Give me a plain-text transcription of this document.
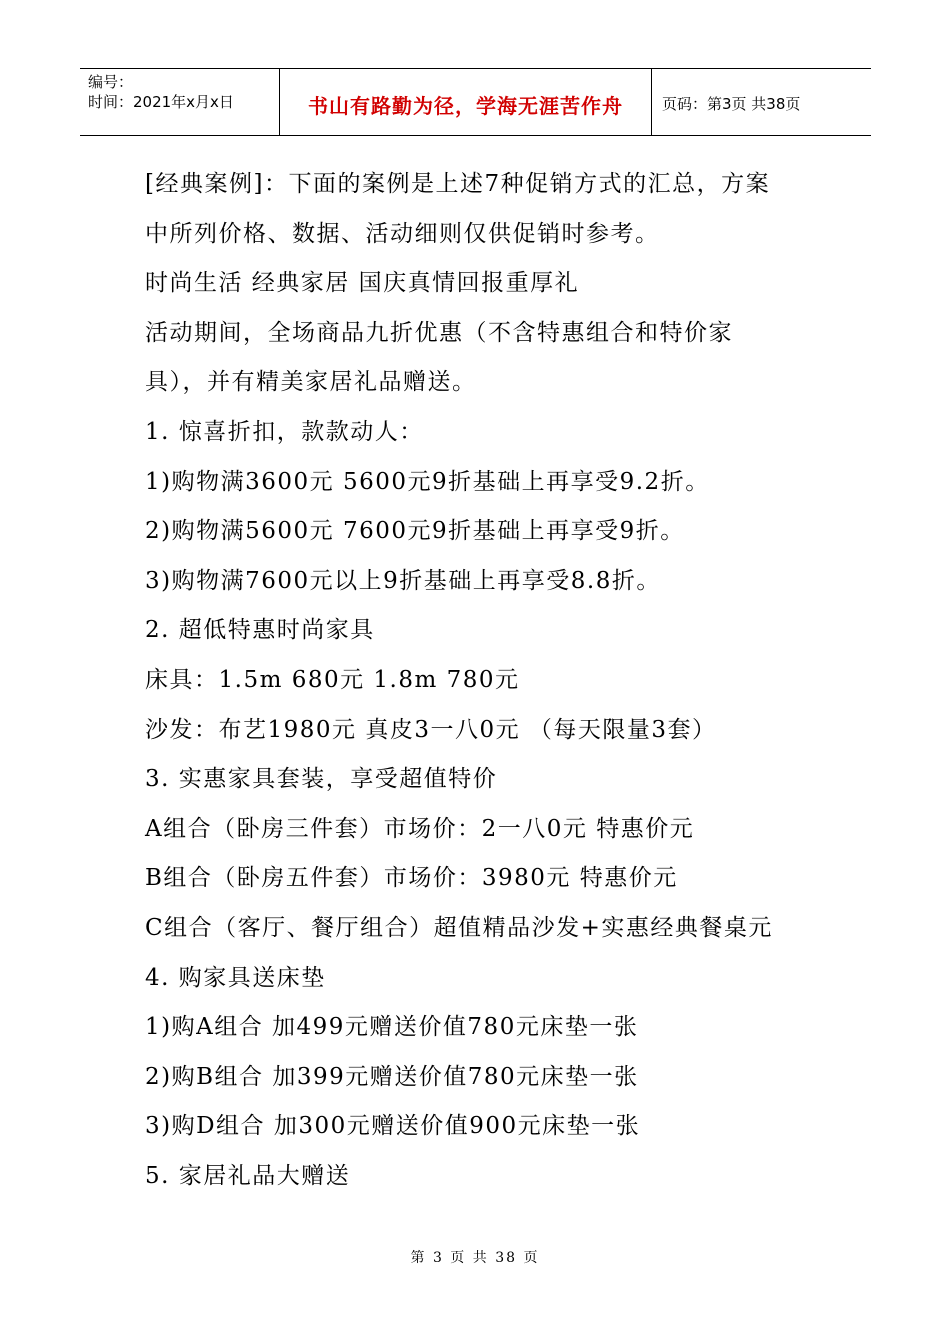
编号：
时间：2021年x月x日	书山有路勤为径，学海无涯苦作舟	页码：第3页 共38页
[经典案例]：下面的案例是上述7种促销方式的汇总，方案
中所列价格、数据、活动细则仅供促销时参考。
时尚生活 经典家居 国庆真情回报重厚礼
活动期间，全场商品九折优惠（不含特惠组合和特价家
具），并有精美家居礼品赠送。
1. 惊喜折扣，款款动人：
1)购物满3600元 5600元9折基础上再享受9.2折。
2)购物满5600元 7600元9折基础上再享受9折。
3)购物满7600元以上9折基础上再享受8.8折。
2. 超低特惠时尚家具
床具：1.5m 680元 1.8m 780元
沙发：布艺1980元 真皮3一八0元 （每天限量3套）
3. 实惠家具套装，享受超值特价
A组合（卧房三件套）市场价：2一八0元 特惠价元
B组合（卧房五件套）市场价：3980元 特惠价元
C组合（客厅、餐厅组合）超值精品沙发+实惠经典餐桌元
4. 购家具送床垫
1)购A组合 加499元赠送价值780元床垫一张
2)购B组合 加399元赠送价值780元床垫一张
3)购D组合 加300元赠送价值900元床垫一张
5. 家居礼品大赠送
第 3 页 共 38 页
